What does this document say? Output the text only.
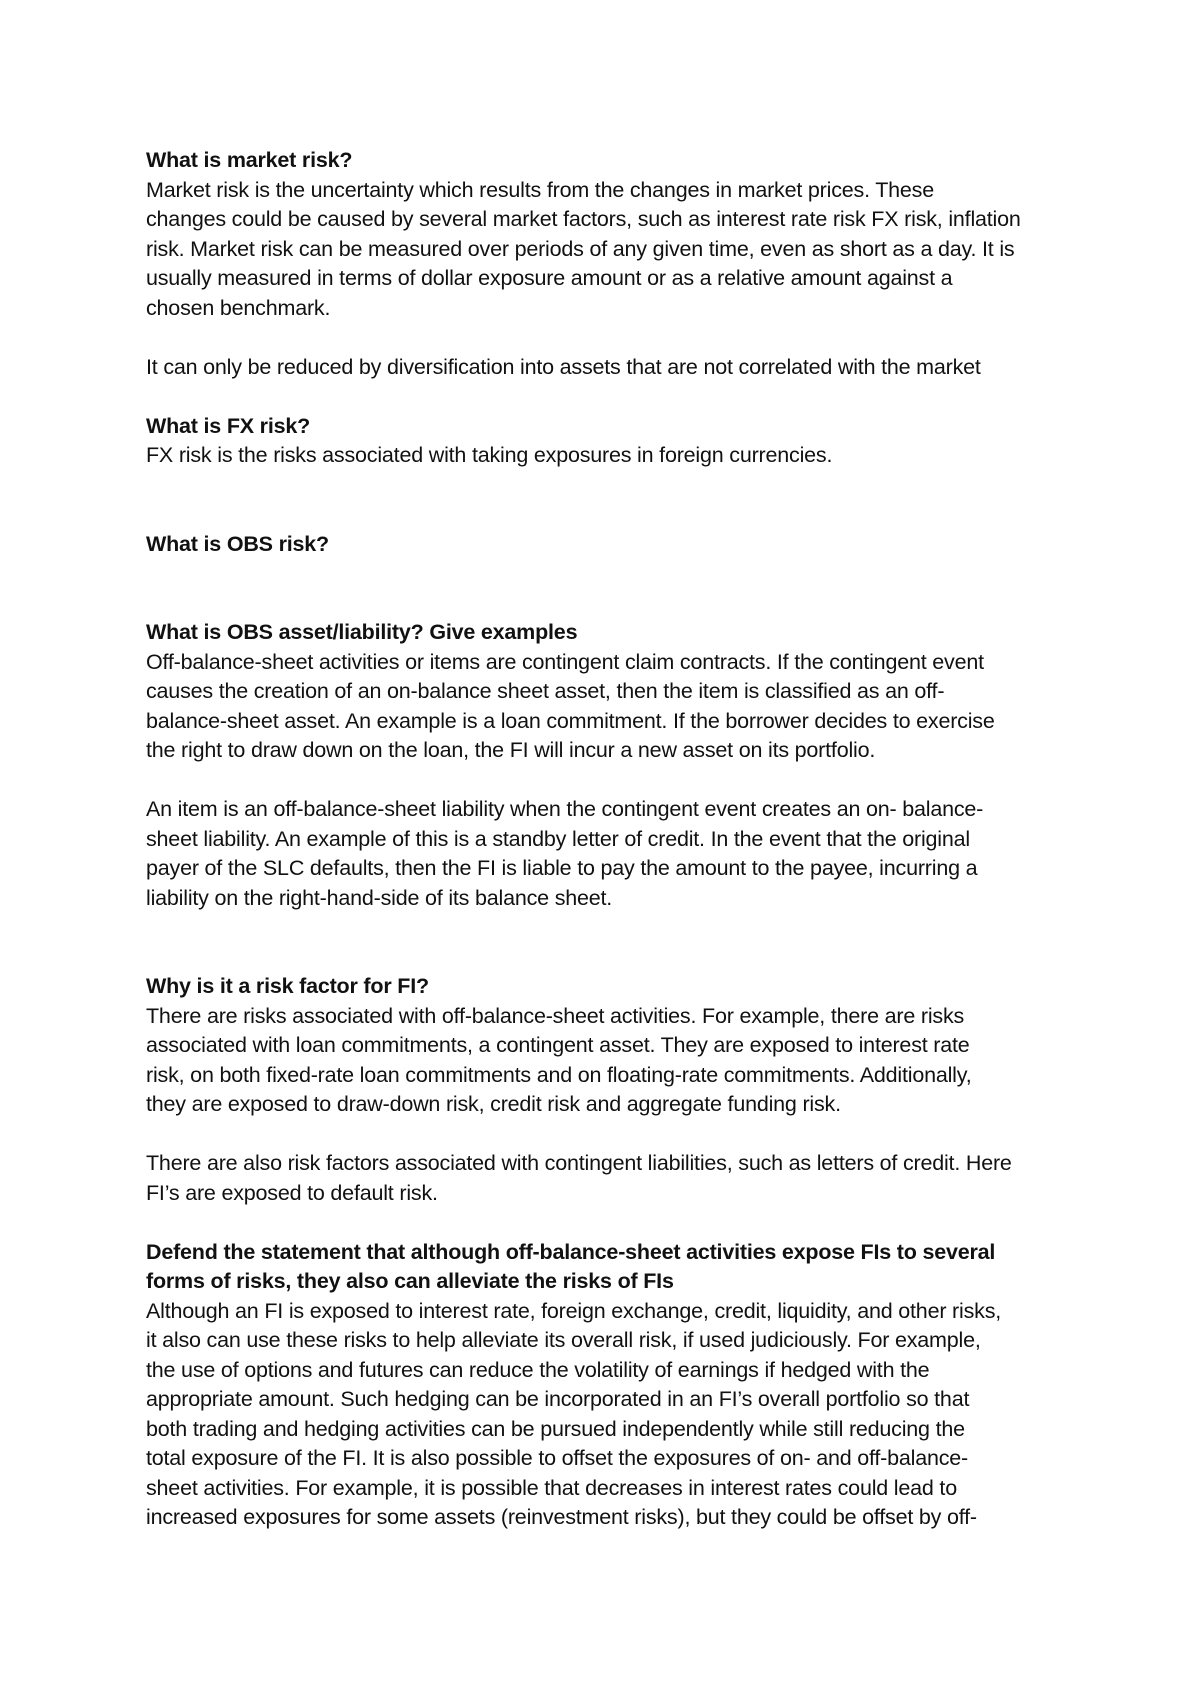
What is market risk?
Market risk is the uncertainty which results from the changes in market prices. These
changes could be caused by several market factors, such as interest rate risk FX risk, inflation
risk. Market risk can be measured over periods of any given time, even as short as a day. It is
usually measured in terms of dollar exposure amount or as a relative amount against a
chosen benchmark.
It can only be reduced by diversification into assets that are not correlated with the market
What is FX risk?
FX risk is the risks associated with taking exposures in foreign currencies.
What is OBS risk?
What is OBS asset/liability? Give examples
Off-balance-sheet activities or items are contingent claim contracts. If the contingent event
causes the creation of an on-balance sheet asset, then the item is classified as an off-
balance-sheet asset. An example is a loan commitment. If the borrower decides to exercise
the right to draw down on the loan, the FI will incur a new asset on its portfolio.
An item is an off-balance-sheet liability when the contingent event creates an on- balance-
sheet liability. An example of this is a standby letter of credit. In the event that the original
payer of the SLC defaults, then the FI is liable to pay the amount to the payee, incurring a
liability on the right-hand-side of its balance sheet.
Why is it a risk factor for FI?
There are risks associated with off-balance-sheet activities. For example, there are risks
associated with loan commitments, a contingent asset. They are exposed to interest rate
risk, on both fixed-rate loan commitments and on floating-rate commitments. Additionally,
they are exposed to draw-down risk, credit risk and aggregate funding risk.
There are also risk factors associated with contingent liabilities, such as letters of credit. Here
FI’s are exposed to default risk.
Defend the statement that although off-balance-sheet activities expose FIs to several
forms of risks, they also can alleviate the risks of FIs
Although an FI is exposed to interest rate, foreign exchange, credit, liquidity, and other risks,
it also can use these risks to help alleviate its overall risk, if used judiciously. For example,
the use of options and futures can reduce the volatility of earnings if hedged with the
appropriate amount. Such hedging can be incorporated in an FI’s overall portfolio so that
both trading and hedging activities can be pursued independently while still reducing the
total exposure of the FI. It is also possible to offset the exposures of on- and off-balance-
sheet activities. For example, it is possible that decreases in interest rates could lead to
increased exposures for some assets (reinvestment risks), but they could be offset by off-
